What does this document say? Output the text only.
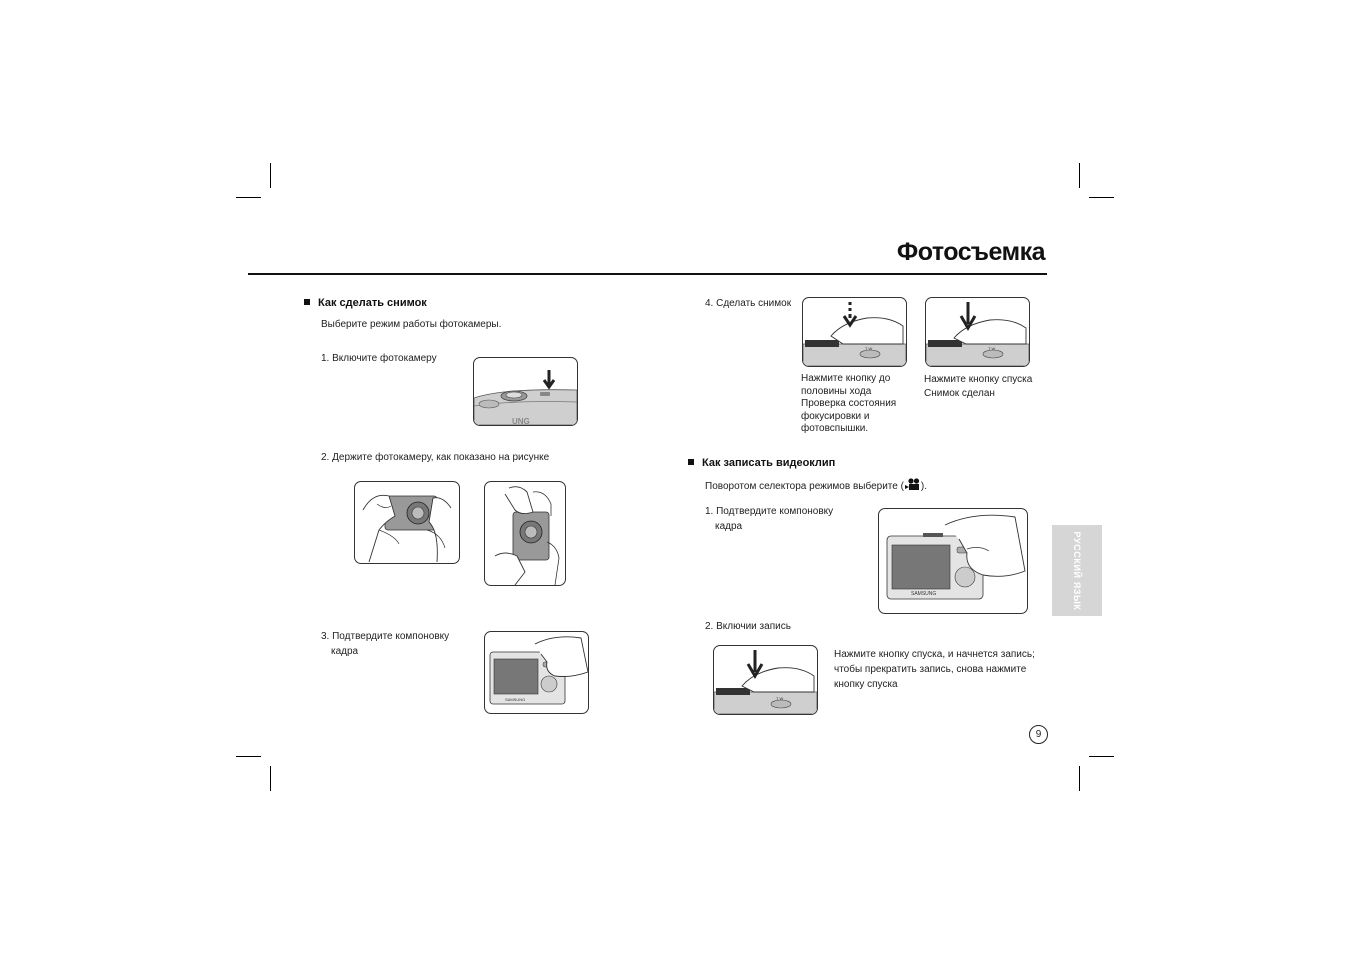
Фотосъемка
Как сделать снимок
Выберите режим работы фотокамеры.
1. Включите фотокамеру
UNG
2. Держите фотокамеру, как показано на рисунке
3. Подтвердите компоновку
кадра
SAMSUNG
4. Сделать снимок
T W	T W
Нажмите кнопку до
половины хода
Проверка состояния
фокусировки и
фотовспышки.
Нажмите кнопку спуска
Снимок сделан
Как записать видеоклип
Поворотом селектора режимов выберите ( ).
1. Подтвердите компоновку
кадра
SAMSUNG
2. Включии запись
T W
Нажмите кнопку спуска, и начнется запись;
чтобы прекратить запись, снова нажмите
кнопку спуска
РУССКИЙ ЯЗЫК
9
